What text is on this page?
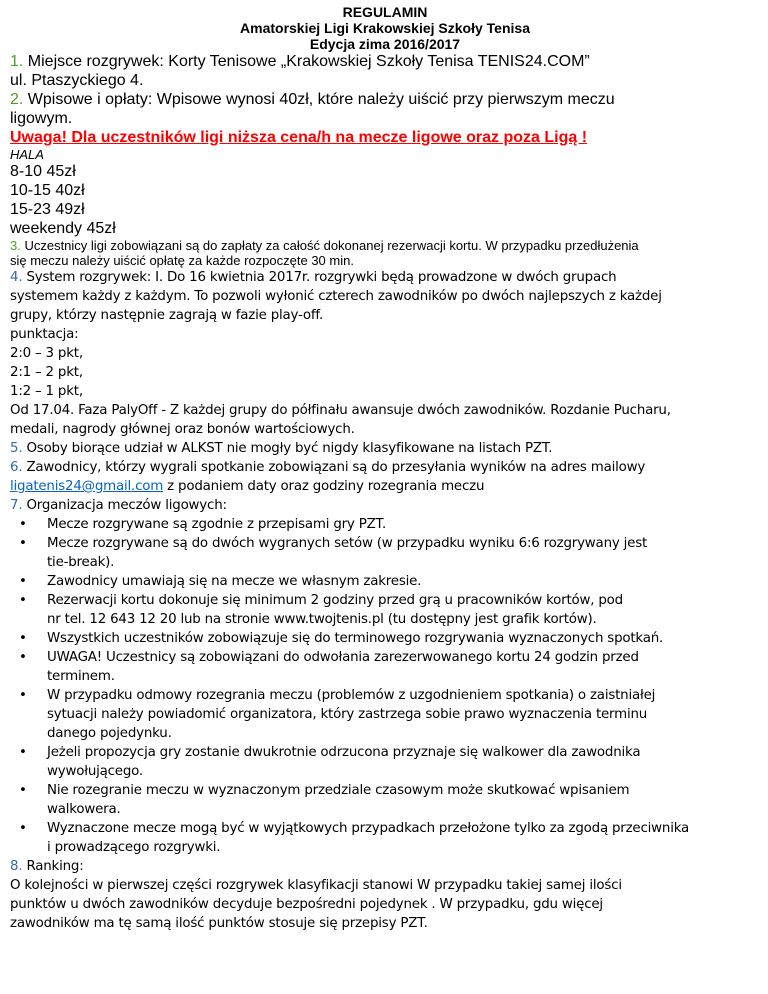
REGULAMIN
Amatorskiej Ligi Krakowskiej Szkoły Tenisa
Edycja zima 2016/2017

1. Miejsce rozgrywek: Korty Tenisowe „Krakowskiej Szkoły Tenisa TENIS24.COM”

ul. Ptaszyckiego 4.

2. Wpisowe i opłaty: Wpisowe wynosi 40zł, które należy uiścić przy pierwszym meczu

ligowym.

Uwaga! Dla uczestników ligi niższa cena/h na mecze ligowe oraz poza Ligą !

HALA

8-10 45zł

10-15 40zł

15-23 49zł

weekendy 45zł

3. Uczestnicy ligi zobowiązani są do zapłaty za całość dokonanej rezerwacji kortu. W przypadku przedłużenia

się meczu należy uiścić opłatę za każde rozpoczęte 30 min.

4. System rozgrywek: I. Do 16 kwietnia 2017r. rozgrywki będą prowadzone w dwóch grupach

systemem każdy z każdym. To pozwoli wyłonić czterech zawodników po dwóch najlepszych z każdej

grupy, którzy następnie zagrają w fazie play-off.

punktacja:

2:0 – 3 pkt,

2:1 – 2 pkt,

1:2 – 1 pkt,

Od 17.04. Faza PalyOff - Z każdej grupy do półfinału awansuje dwóch zawodników. Rozdanie Pucharu,

medali, nagrody głównej oraz bonów wartościowych.

5. Osoby biorące udział w ALKST nie mogły być nigdy klasyfikowane na listach PZT.

6. Zawodnicy, którzy wygrali spotkanie zobowiązani są do przesyłania wyników na adres mailowy

ligatenis24@gmail.com z podaniem daty oraz godziny rozegrania meczu

7. Organizacja meczów ligowych:

• Mecze rozgrywane są zgodnie z przepisami gry PZT.
• Mecze rozgrywane są do dwóch wygranych setów (w przypadku wyniku 6:6 rozgrywany jest
tie-break).
• Zawodnicy umawiają się na mecze we własnym zakresie.
• Rezerwacji kortu dokonuje się minimum 2 godziny przed grą u pracowników kortów, pod
nr tel. 12 643 12 20 lub na stronie www.twojtenis.pl (tu dostępny jest grafik kortów).
• Wszystkich uczestników zobowiązuje się do terminowego rozgrywania wyznaczonych spotkań.
• UWAGA! Uczestnicy są zobowiązani do odwołania zarezerwowanego kortu 24 godzin przed
terminem.
• W przypadku odmowy rozegrania meczu (problemów z uzgodnieniem spotkania) o zaistniałej
sytuacji należy powiadomić organizatora, który zastrzega sobie prawo wyznaczenia terminu
danego pojedynku.
• Jeżeli propozycja gry zostanie dwukrotnie odrzucona przyznaje się walkower dla zawodnika
wywołującego.
• Nie rozegranie meczu w wyznaczonym przedziale czasowym może skutkować wpisaniem
walkowera.
• Wyznaczone mecze mogą być w wyjątkowych przypadkach przełożone tylko za zgodą przeciwnika
i prowadzącego rozgrywki.

8. Ranking:

O kolejności w pierwszej części rozgrywek klasyfikacji stanowi W przypadku takiej samej ilości

punktów u dwóch zawodników decyduje bezpośredni pojedynek . W przypadku, gdu więcej

zawodników ma tę samą ilość punktów stosuje się przepisy PZT.
